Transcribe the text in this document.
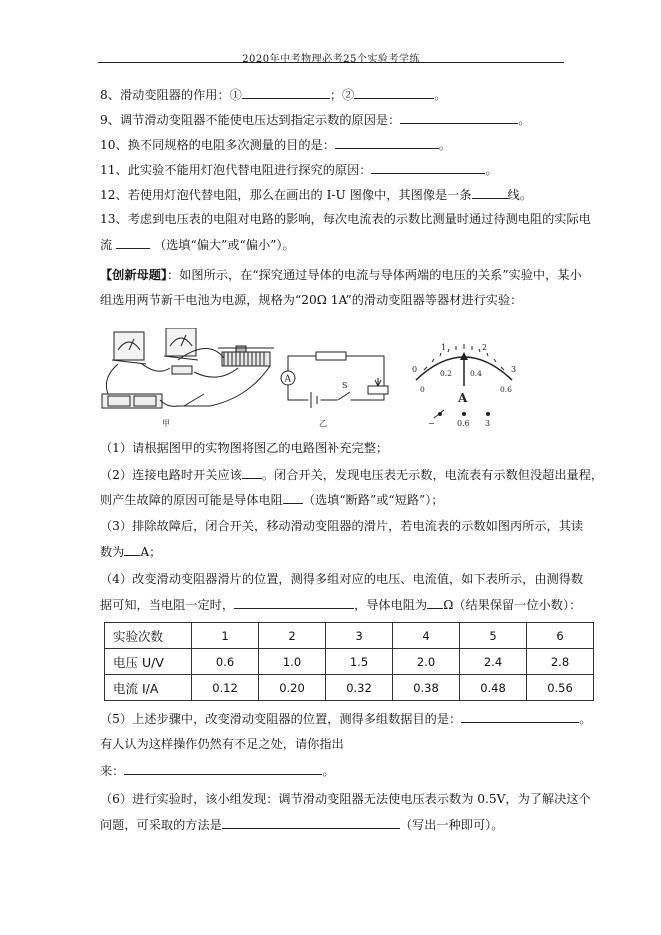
2020年中考物理必考25个实验考学练
8、滑动变阻器的作用：①	；②	。
9、调节滑动变阻器不能使电压达到指定示数的原因是：	。
10、换不同规格的电阻多次测量的目的是：	。
11、此实验不能用灯泡代替电阻进行探究的原因：	。
12、若使用灯泡代替电阻，那么在画出的 I-U 图像中，其图像是一条	线。
13、考虑到电压表的电阻对电路的影响，每次电流表的示数比测量时通过待测电阻的实际电
流	（选填“偏大”或“偏小”）。
【创新母题】：如图所示，在“探究通过导体的电流与导体两端的电压的关系”实验中，某小
组选用两节新干电池为电源，规格为“20Ω 1A”的滑动变阻器等器材进行实验：
甲
A
S
乙
0
1	2
3
0
0.2 0.4
0.6
A
−	0.6 3
（1）请根据图甲的实物图将图乙的电路图补充完整；
（2）连接电路时开关应该 。闭合开关，发现电压表无示数，电流表有示数但没超出量程，
则产生故障的原因可能是导体电阻 （选填“断路”或“短路”）；
（3）排除故障后，闭合开关，移动滑动变阻器的滑片，若电流表的示数如图丙所示，其读
数为 A；
（4）改变滑动变阻器滑片的位置，测得多组对应的电压、电流值，如下表所示，由测得数
据可知，当电阻一定时，	，导体电阻为 Ω（结果保留一位小数）：
实验次数	1	2	3	4	5	6
电压 U/V	0.6	1.0	1.5	2.0	2.4	2.8
电流 I/A	0.12	0.20	0.32	0.38	0.48	0.56
（5）上述步骤中，改变滑动变阻器的位置，测得多组数据目的是：	。
有人认为这样操作仍然有不足之处，请你指出
来：	。
（6）进行实验时，该小组发现：调节滑动变阻器无法使电压表示数为 0.5V，为了解决这个
问题，可采取的方法是	（写出一种即可）。
